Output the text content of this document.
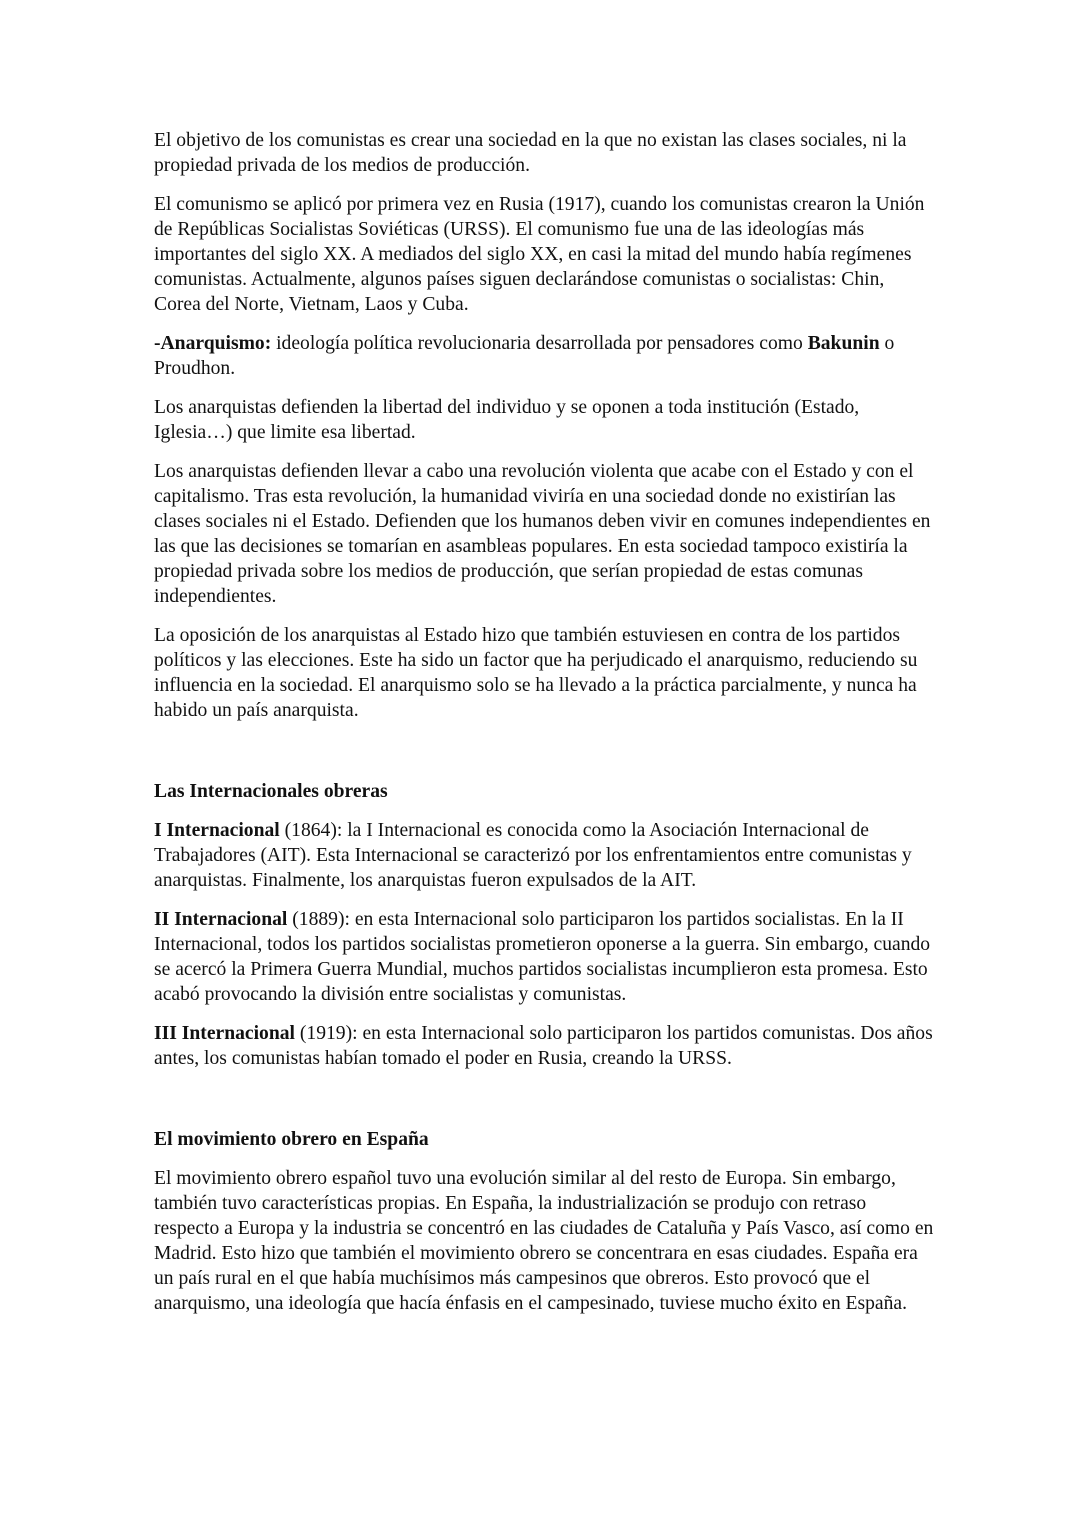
El objetivo de los comunistas es crear una sociedad en la que no existan las clases sociales, ni la propiedad privada de los medios de producción.

El comunismo se aplicó por primera vez en Rusia (1917), cuando los comunistas crearon la Unión de Repúblicas Socialistas Soviéticas (URSS). El comunismo fue una de las ideologías más importantes del siglo XX. A mediados del siglo XX, en casi la mitad del mundo había regímenes comunistas. Actualmente, algunos países siguen declarándose comunistas o socialistas: Chin, Corea del Norte, Vietnam, Laos y Cuba.

-Anarquismo: ideología política revolucionaria desarrollada por pensadores como Bakunin o Proudhon.

Los anarquistas defienden la libertad del individuo y se oponen a toda institución (Estado, Iglesia…) que limite esa libertad.

Los anarquistas defienden llevar a cabo una revolución violenta que acabe con el Estado y con el capitalismo. Tras esta revolución, la humanidad viviría en una sociedad donde no existirían las clases sociales ni el Estado. Defienden que los humanos deben vivir en comunes independientes en las que las decisiones se tomarían en asambleas populares. En esta sociedad tampoco existiría la propiedad privada sobre los medios de producción, que serían propiedad de estas comunas independientes.

La oposición de los anarquistas al Estado hizo que también estuviesen en contra de los partidos políticos y las elecciones. Este ha sido un factor que ha perjudicado el anarquismo, reduciendo su influencia en la sociedad. El anarquismo solo se ha llevado a la práctica parcialmente, y nunca ha habido un país anarquista.

Las Internacionales obreras

I Internacional (1864): la I Internacional es conocida como la Asociación Internacional de Trabajadores (AIT). Esta Internacional se caracterizó por los enfrentamientos entre comunistas y anarquistas. Finalmente, los anarquistas fueron expulsados de la AIT.

II Internacional (1889): en esta Internacional solo participaron los partidos socialistas. En la II Internacional, todos los partidos socialistas prometieron oponerse a la guerra. Sin embargo, cuando se acercó la Primera Guerra Mundial, muchos partidos socialistas incumplieron esta promesa. Esto acabó provocando la división entre socialistas y comunistas.

III Internacional (1919): en esta Internacional solo participaron los partidos comunistas. Dos años antes, los comunistas habían tomado el poder en Rusia, creando la URSS.

El movimiento obrero en España

El movimiento obrero español tuvo una evolución similar al del resto de Europa. Sin embargo, también tuvo características propias. En España, la industrialización se produjo con retraso respecto a Europa y la industria se concentró en las ciudades de Cataluña y País Vasco, así como en Madrid. Esto hizo que también el movimiento obrero se concentrara en esas ciudades. España era un país rural en el que había muchísimos más campesinos que obreros. Esto provocó que el anarquismo, una ideología que hacía énfasis en el campesinado, tuviese mucho éxito en España.
